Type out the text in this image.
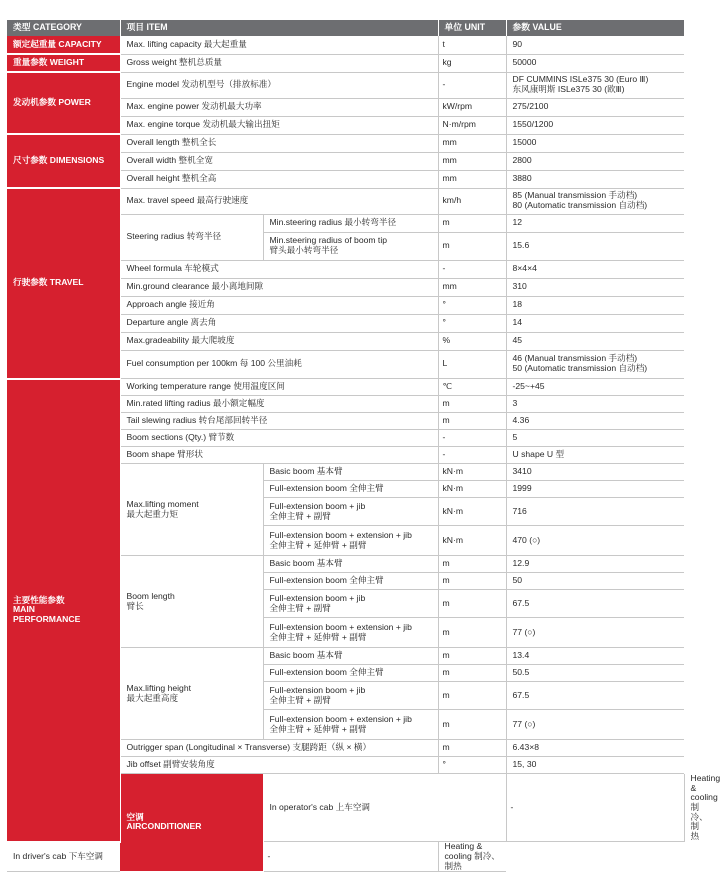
类型 CATEGORY	项目 ITEM		单位 UNIT	参数 VALUE	
额定起重量 CAPACITY	Max. lifting capacity 最大起重量		t	90	
重量参数 WEIGHT	Gross weight 整机总质量		kg	50000	
发动机参数 POWER	Engine model 发动机型号（排放标准）		-	DF CUMMINS ISLe375 30 (Euro Ⅲ)
东风康明斯 ISLe375 30 (欧Ⅲ)	
	Max. engine power 发动机最大功率		kW/rpm	275/2100	
	Max. engine torque 发动机最大输出扭矩		N·m/rpm	1550/1200	
尺寸参数 DIMENSIONS	Overall length 整机全长		mm	15000	
	Overall width 整机全宽		mm	2800	
	Overall height 整机全高		mm	3880	
行驶参数 TRAVEL	Max. travel speed 最高行驶速度		km/h	85 (Manual transmission 手动档)
80 (Automatic transmission 自动档)	
	Steering radius 转弯半径	Min.steering radius 最小转弯半径	m	12	
		Min.steering radius of boom tip
臂头最小转弯半径	m	15.6	
	Wheel formula 车轮模式		-	8×4×4	
	Min.ground clearance 最小离地间隙		mm	310	
	Approach angle 接近角		°	18	
	Departure angle 离去角		°	14	
	Max.gradeability 最大爬坡度		%	45	
	Fuel consumption per 100km 每 100 公里油耗		L	46 (Manual transmission 手动档)
50 (Automatic transmission 自动档)	

主要性能参数
MAIN
PERFORMANCE	Working temperature range 使用温度区间		℃	-25~+45	
	Min.rated lifting radius 最小额定幅度		m	3	
	Tail slewing radius 转台尾部回转半径		m	4.36	
	Boom sections (Qty.) 臂节数		-	5	
	Boom shape 臂形状		-	U shape U 型	
	Max.lifting moment
最大起重力矩	Basic boom 基本臂	kN·m	3410	
		Full-extension boom 全伸主臂	kN·m	1999	
		Full-extension boom + jib
全伸主臂 + 副臂	kN·m	716	
		Full-extension boom + extension + jib
全伸主臂 + 延伸臂 + 副臂	kN·m	470 (○)	
	Boom length
臂长	Basic boom 基本臂	m	12.9	
		Full-extension boom 全伸主臂	m	50	
		Full-extension boom + jib
全伸主臂 + 副臂	m	67.5	
		Full-extension boom + extension + jib
全伸主臂 + 延伸臂 + 副臂	m	77 (○)	
	Max.lifting height
最大起重高度	Basic boom 基本臂	m	13.4	
		Full-extension boom 全伸主臂	m	50.5	
		Full-extension boom + jib
全伸主臂 + 副臂	m	67.5	
		Full-extension boom + extension + jib
全伸主臂 + 延伸臂 + 副臂	m	77 (○)	
	Outrigger span (Longitudinal × Transverse) 支腿跨距（纵 × 横）		m	6.43×8	
	Jib offset 副臂安装角度		°	15, 30	

	空调
AIRCONDITIONER	In operator's cab 上车空调		-	Heating & cooling 制冷、制热
In driver's cab 下车空调		-	Heating & cooling 制冷、制热		
